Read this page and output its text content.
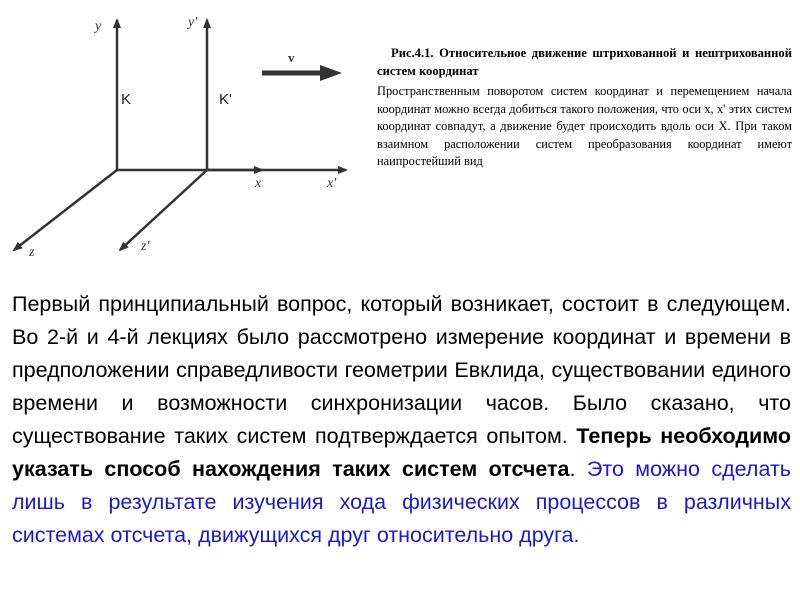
y	y'
x	x'
z	z'
K	K'
v	Рис.4.1. Относительное движение штрихованной и нештрихованной систем координат
Пространственным поворотом систем координат и перемещением начала координат можно всегда добиться такого положения, что оси x, x' этих систем координат совпадут, а движение будет происходить вдоль оси X. При таком взаимном расположении систем преобразования координат имеют наипростейший вид
Первый принципиальный вопрос, который возникает, состоит в следующем. Во 2-й и 4-й лекциях было рассмотрено измерение координат и времени в предположении справедливости геометрии Евклида, существовании единого времени и возможности синхронизации часов. Было сказано, что существование таких систем подтверждается опытом. Теперь необходимо указать способ нахождения таких систем отсчета. Это можно сделать лишь в результате изучения хода физических процессов в различных системах отсчета, движущихся друг относительно друга.
